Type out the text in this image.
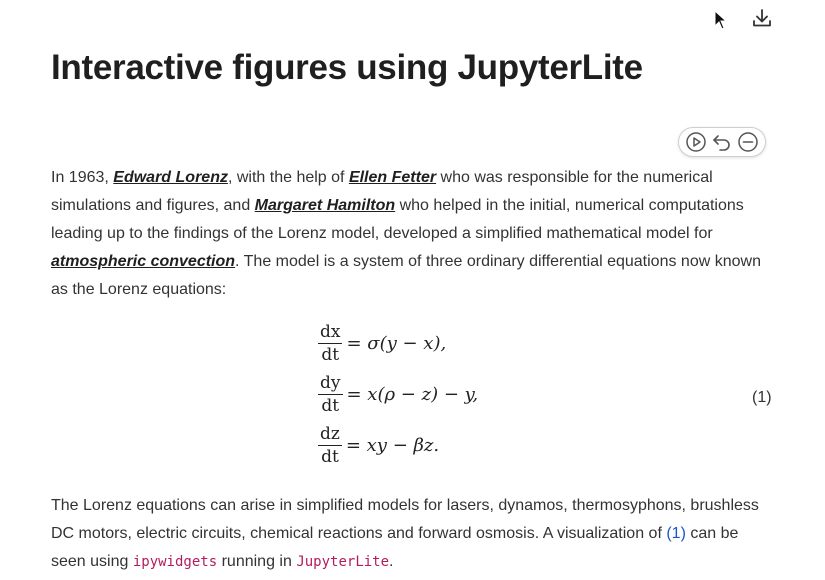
Interactive figures using JupyterLite

In 1963, Edward Lorenz, with the help of Ellen Fetter who was responsible for the numerical simulations and figures, and Margaret Hamilton who helped in the initial, numerical computations leading up to the findings of the Lorenz model, developed a simplified mathematical model for atmospheric convection. The model is a system of three ordinary differential equations now known as the Lorenz equations:

$\frac{dx}{dt} = \sigma(y - x)$,
$\frac{dy}{dt} = x(\rho - z) - y$,
$\frac{dz}{dt}$ = xy − βz.
(1)

The Lorenz equations can arise in simplified models for lasers, dynamos, thermosyphons, brushless DC motors, electric circuits, chemical reactions and forward osmosis. A visualization of (1) can be seen using ipywidgets running in JupyterLite.
